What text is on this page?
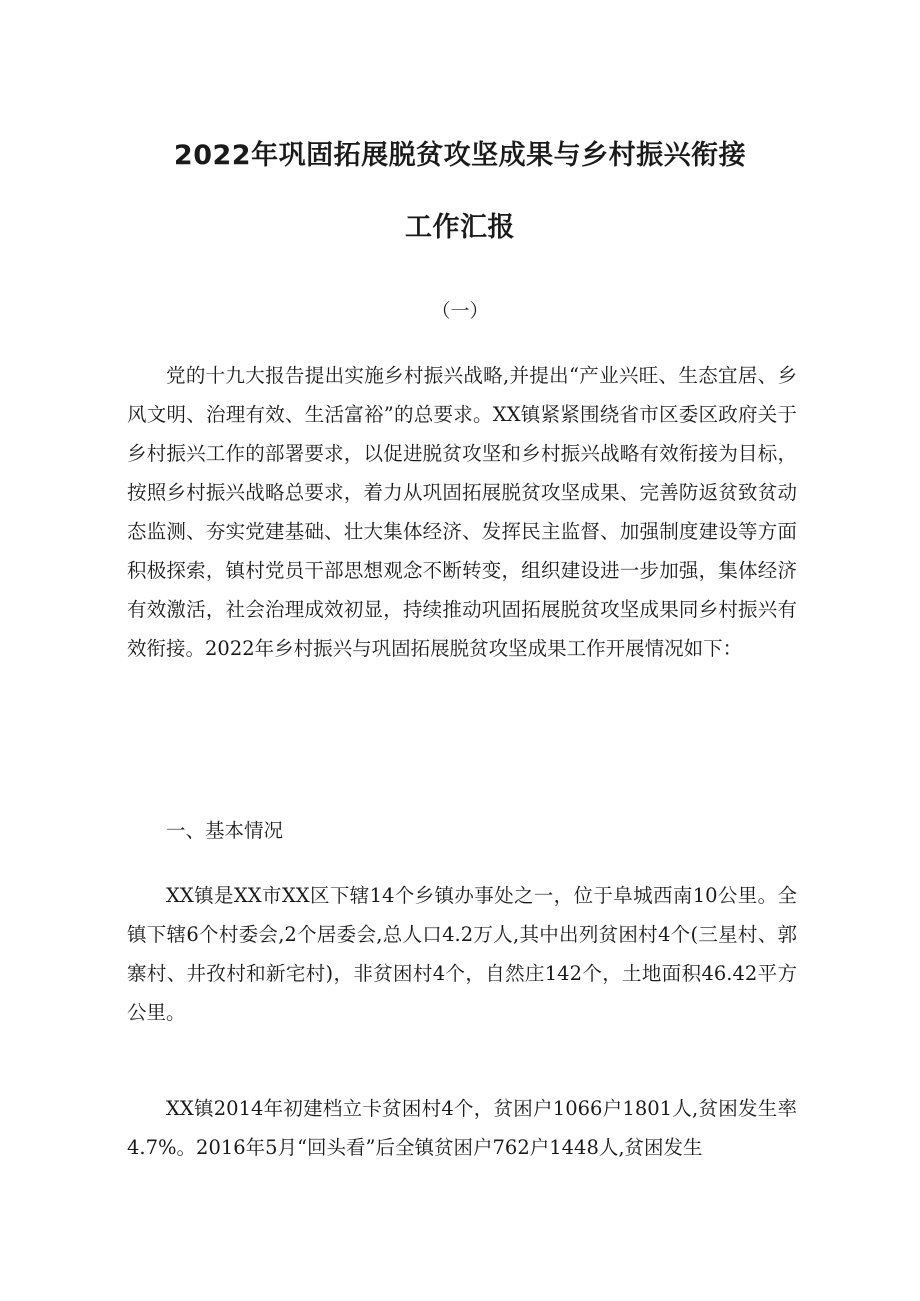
2022年巩固拓展脱贫攻坚成果与乡村振兴衔接
工作汇报
（一）

党的十九大报告提出实施乡村振兴战略,并提出“产业兴旺、生态宜居、乡风文明、治理有效、生活富裕”的总要求。XX镇紧紧围绕省市区委区政府关于乡村振兴工作的部署要求，以促进脱贫攻坚和乡村振兴战略有效衔接为目标，按照乡村振兴战略总要求，着力从巩固拓展脱贫攻坚成果、完善防返贫致贫动态监测、夯实党建基础、壮大集体经济、发挥民主监督、加强制度建设等方面积极探索，镇村党员干部思想观念不断转变，组织建设进一步加强，集体经济有效激活，社会治理成效初显，持续推动巩固拓展脱贫攻坚成果同乡村振兴有效衔接。2022年乡村振兴与巩固拓展脱贫攻坚成果工作开展情况如下：

一、基本情况

XX镇是XX市XX区下辖14个乡镇办事处之一，位于阜城西南10公里。全镇下辖6个村委会,2个居委会,总人口4.2万人,其中出列贫困村4个(三星村、郭寨村、井孜村和新宅村)，非贫困村4个，自然庄142个，土地面积46.42平方公里。

XX镇2014年初建档立卡贫困村4个，贫困户1066户1801人,贫困发生率4.7%。2016年5月“回头看”后全镇贫困户762户1448人,贫困发生
